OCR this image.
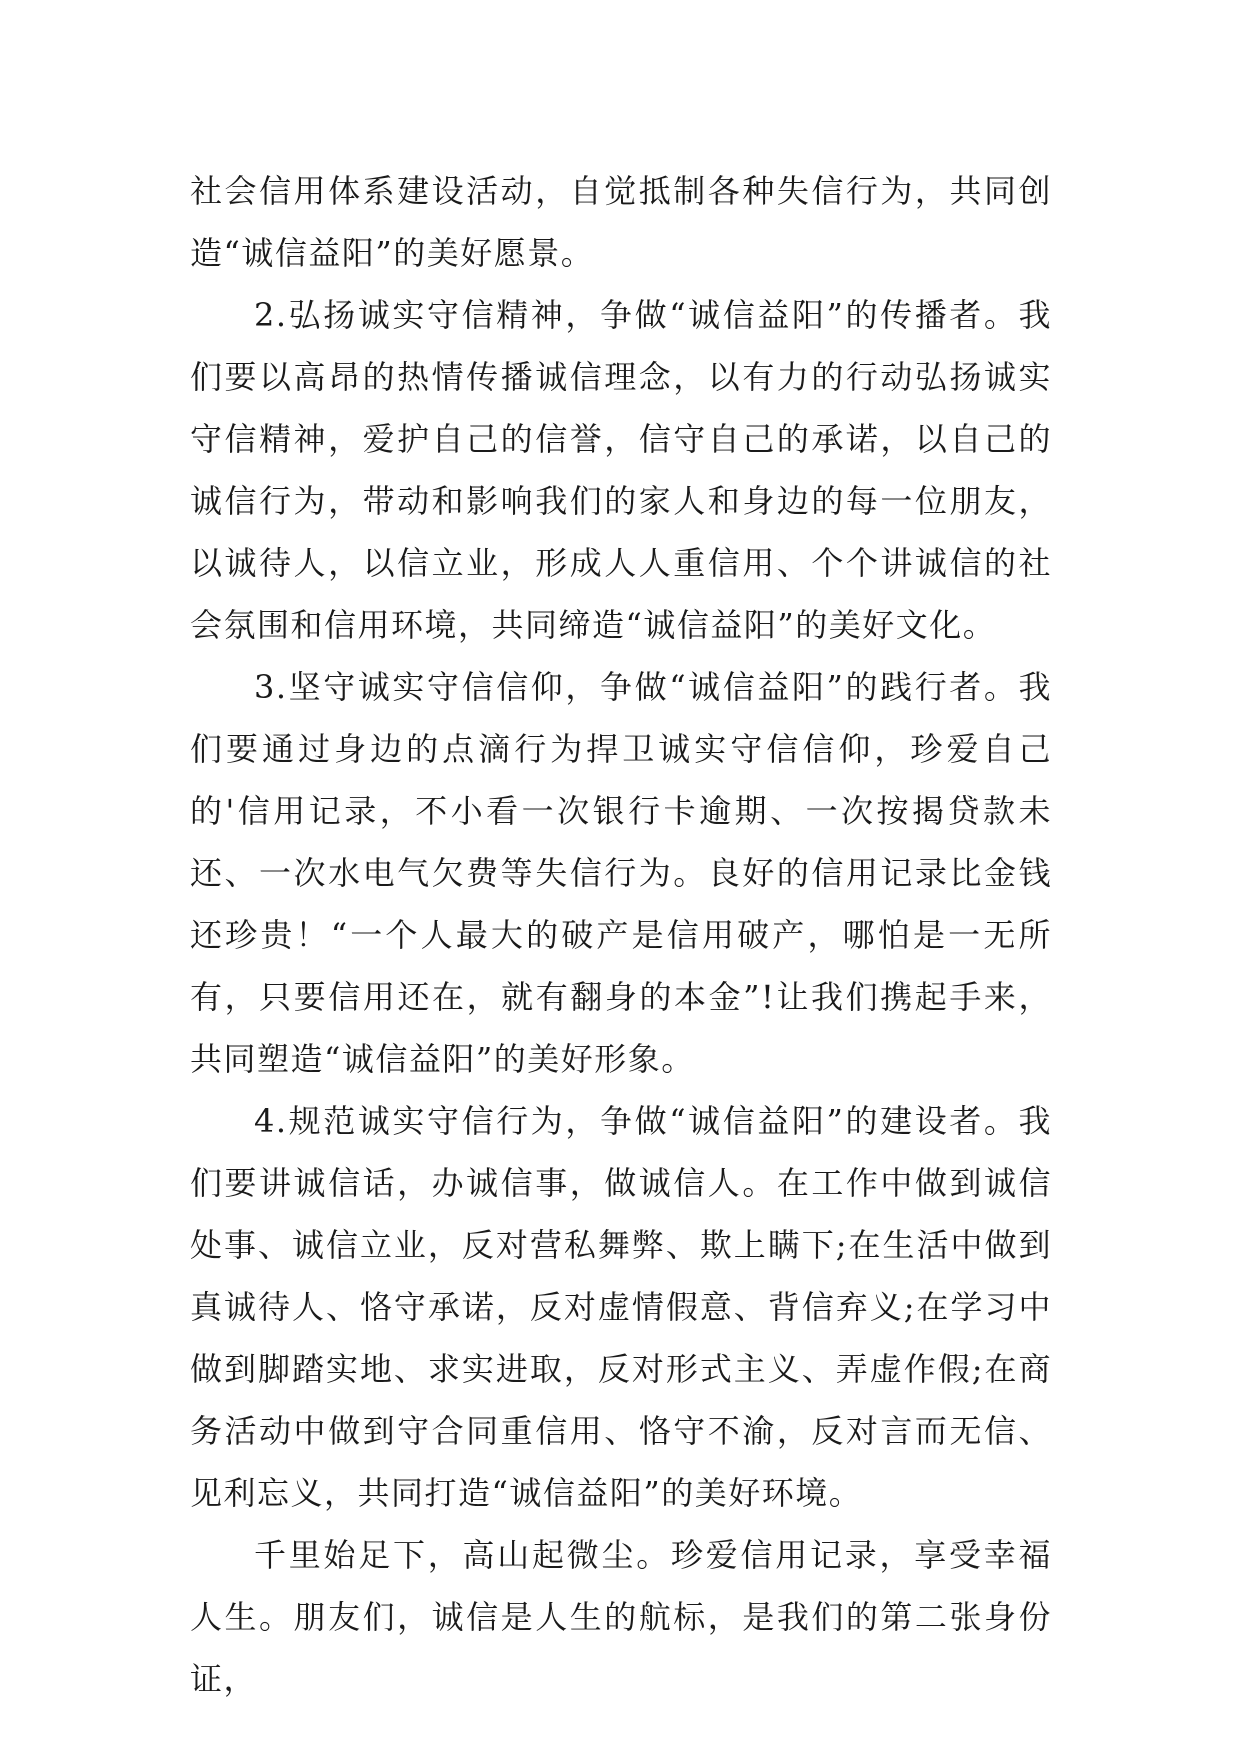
社会信用体系建设活动，自觉抵制各种失信行为，共同创造“诚信益阳”的美好愿景。

2.弘扬诚实守信精神，争做“诚信益阳”的传播者。我们要以高昂的热情传播诚信理念，以有力的行动弘扬诚实守信精神，爱护自己的信誉，信守自己的承诺，以自己的诚信行为，带动和影响我们的家人和身边的每一位朋友，以诚待人，以信立业，形成人人重信用、个个讲诚信的社会氛围和信用环境，共同缔造“诚信益阳”的美好文化。

3.坚守诚实守信信仰，争做“诚信益阳”的践行者。我们要通过身边的点滴行为捍卫诚实守信信仰，珍爱自己的'信用记录，不小看一次银行卡逾期、一次按揭贷款未还、一次水电气欠费等失信行为。良好的信用记录比金钱还珍贵！“一个人最大的破产是信用破产，哪怕是一无所有，只要信用还在，就有翻身的本金”!让我们携起手来，共同塑造“诚信益阳”的美好形象。

4.规范诚实守信行为，争做“诚信益阳”的建设者。我们要讲诚信话，办诚信事，做诚信人。在工作中做到诚信处事、诚信立业，反对营私舞弊、欺上瞒下;在生活中做到真诚待人、恪守承诺，反对虚情假意、背信弃义;在学习中做到脚踏实地、求实进取，反对形式主义、弄虚作假;在商务活动中做到守合同重信用、恪守不渝，反对言而无信、见利忘义，共同打造“诚信益阳”的美好环境。

千里始足下，高山起微尘。珍爱信用记录，享受幸福人生。朋友们，诚信是人生的航标，是我们的第二张身份证，
